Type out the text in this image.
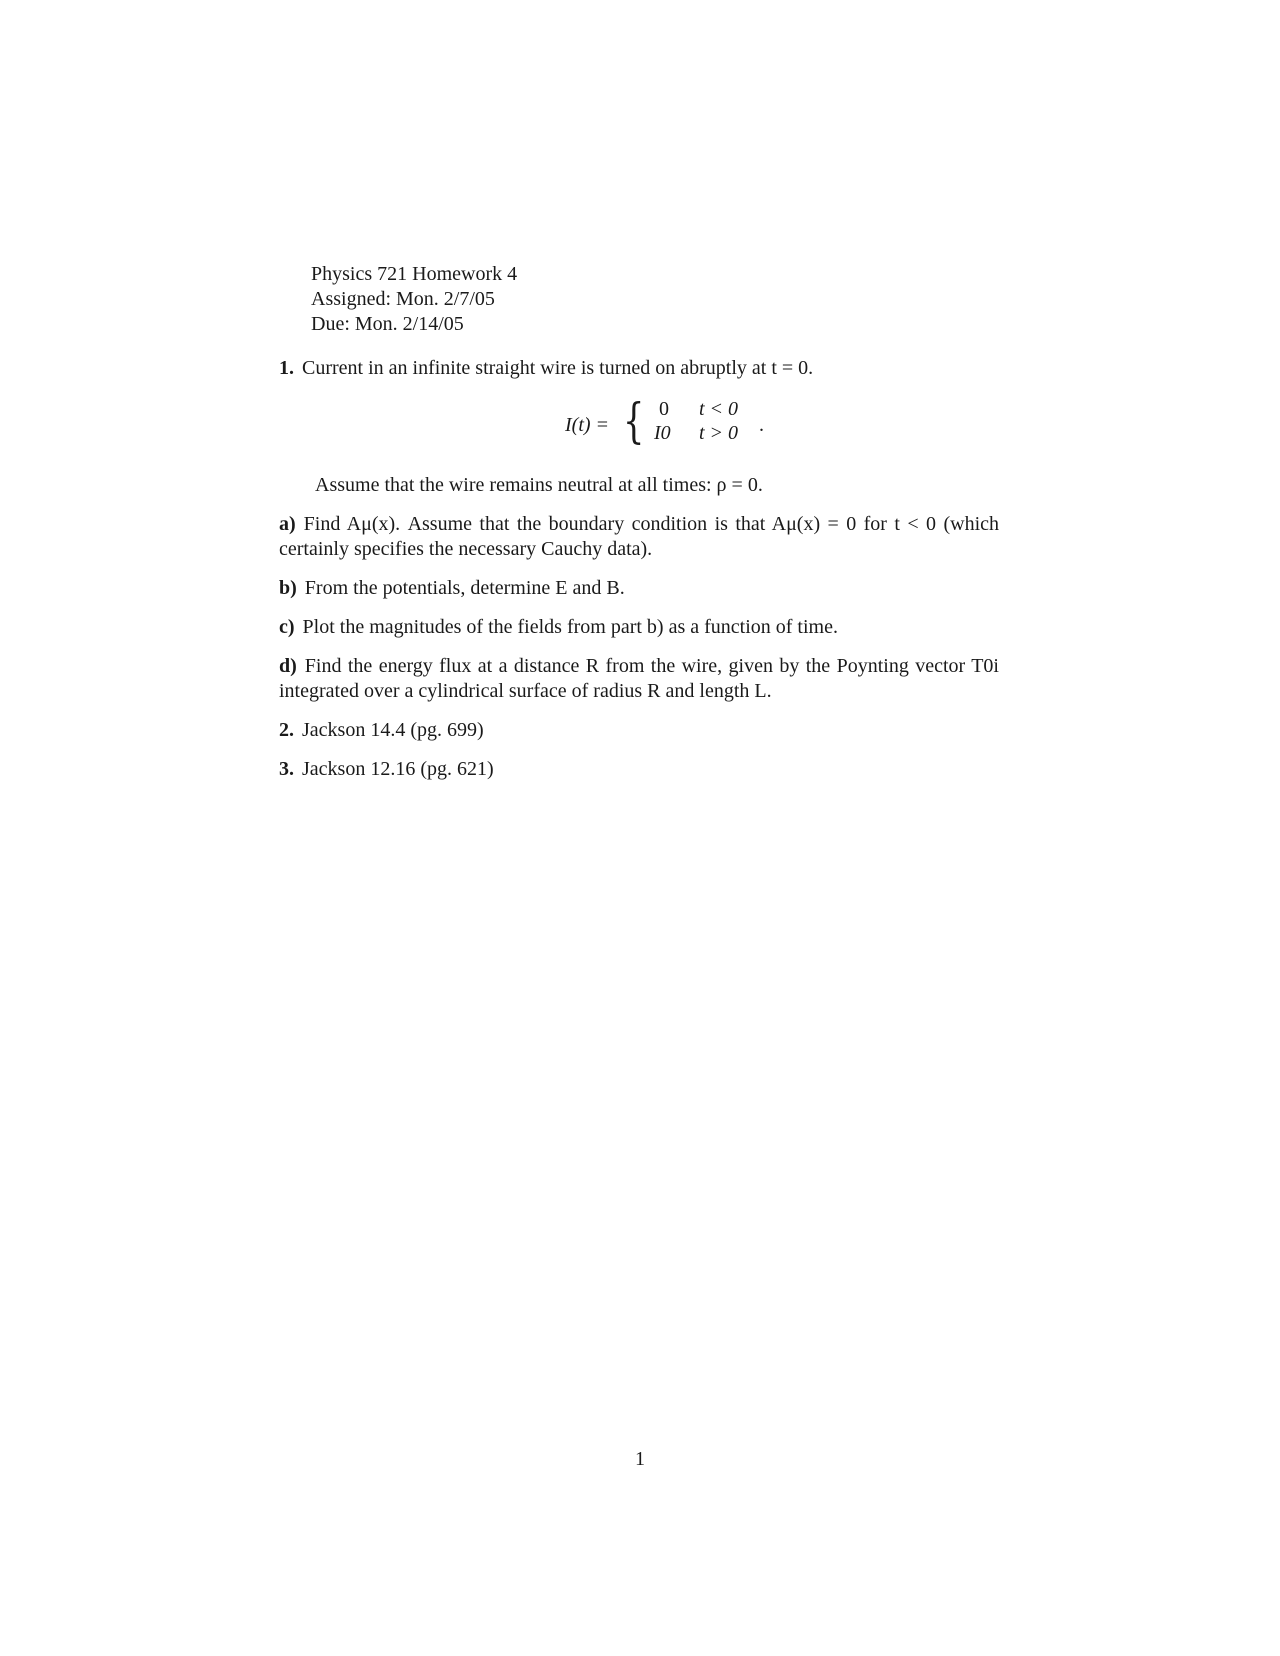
Physics 721 Homework 4
Assigned: Mon. 2/7/05
Due: Mon. 2/14/05
1. Current in an infinite straight wire is turned on abruptly at t = 0.
I(t) = { 0
I0
t < 0
t > 0 .
Assume that the wire remains neutral at all times: ρ = 0.
a) Find Aμ(x). Assume that the boundary condition is that Aμ(x) = 0 for t < 0 (which certainly specifies the necessary Cauchy data).
b) From the potentials, determine E and B.
c) Plot the magnitudes of the fields from part b) as a function of time.
d) Find the energy flux at a distance R from the wire, given by the Poynting vector T0i integrated over a cylindrical surface of radius R and length L.
2. Jackson 14.4 (pg. 699)
3. Jackson 12.16 (pg. 621)
1
